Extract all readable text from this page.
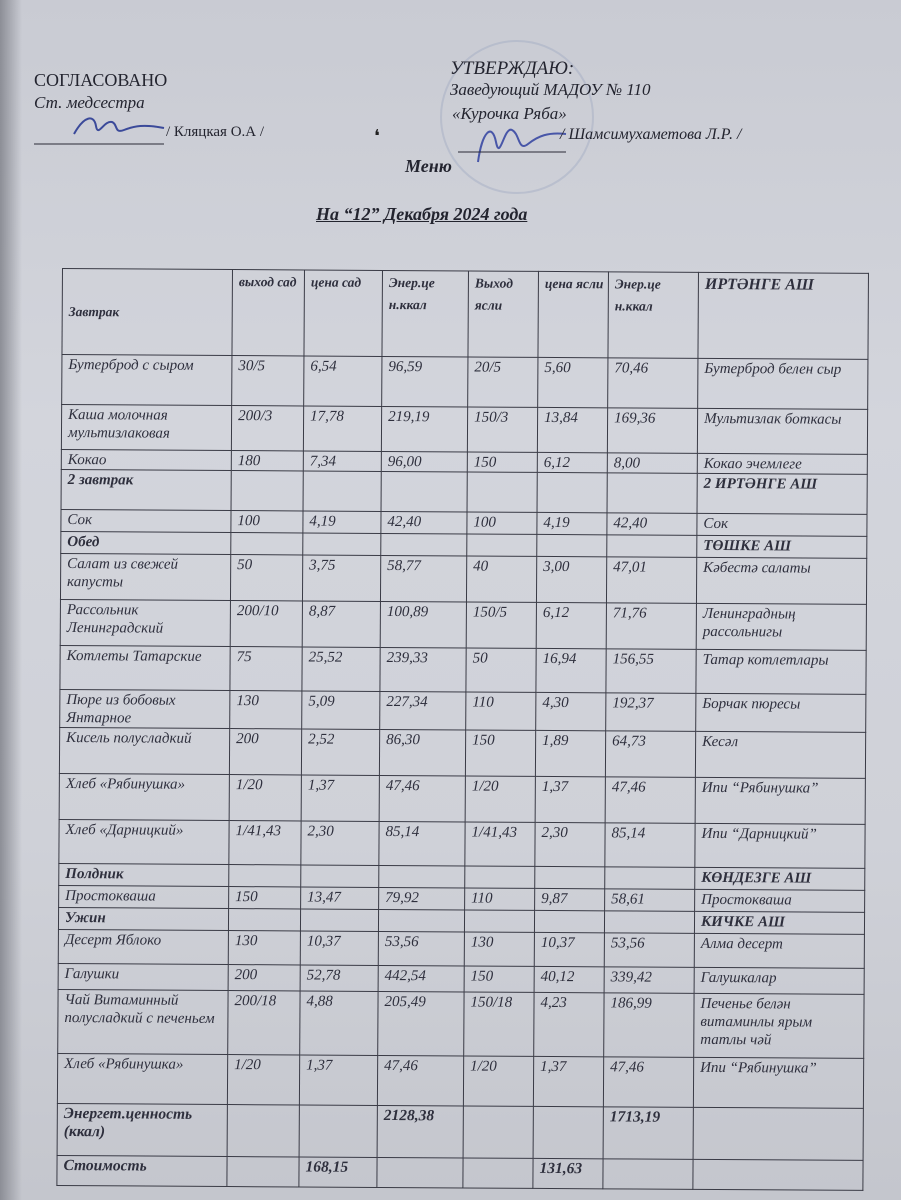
СОГЛАСОВАНО
Ст. медсестра
/ Кляцкая О.А /
УТВЕРЖДАЮ:
Заведующий МАДОУ № 110
«Курочка Ряба»
/ Шамсимухаметова Л.Р. /
❛
Меню
На “12” Декабря 2024 года
Завтрак	выход сад	цена сад	Энер.це н.ккал	Выход ясли	цена ясли	Энер.це н.ккал	ИРТӘНГЕ АШ
Бутерброд с сыром	30/5	6,54	96,59	20/5	5,60	70,46	Бутерброд белен сыр
Каша молочная мультизлаковая	200/3	17,78	219,19	150/3	13,84	169,36	Мультизлак боткасы
Кокао	180	7,34	96,00	150	6,12	8,00	Кокао эчемлеге
2 завтрак							2 ИРТӘНГЕ АШ
Сок	100	4,19	42,40	100	4,19	42,40	Сок
Обед							ТӨШКЕ АШ
Салат из свежей капусты	50	3,75	58,77	40	3,00	47,01	Кәбестә салаты
Рассольник Ленинградский	200/10	8,87	100,89	150/5	6,12	71,76	Ленинградның рассольнигы
Котлеты Татарские	75	25,52	239,33	50	16,94	156,55	Татар котлетлары
Пюре из бобовых Янтарное	130	5,09	227,34	110	4,30	192,37	Борчак пюресы
Кисель полусладкий	200	2,52	86,30	150	1,89	64,73	Кесәл
Хлеб «Рябинушка»	1/20	1,37	47,46	1/20	1,37	47,46	Ипи “Рябинушка”
Хлеб «Дарницкий»	1/41,43	2,30	85,14	1/41,43	2,30	85,14	Ипи “Дарницкий”
Полдник							КӨНДЕЗГЕ АШ
Простокваша	150	13,47	79,92	110	9,87	58,61	Простокваша
Ужин							КИЧКЕ АШ
Десерт Яблоко	130	10,37	53,56	130	10,37	53,56	Алма десерт
Галушки	200	52,78	442,54	150	40,12	339,42	Галушкалар
Чай Витаминный полусладкий с печеньем	200/18	4,88	205,49	150/18	4,23	186,99	Печенье белән витаминлы ярым татлы чәй
Хлеб «Рябинушка»	1/20	1,37	47,46	1/20	1,37	47,46	Ипи “Рябинушка”
Энергет.ценность (ккал)			2128,38			1713,19	
Стоимость		168,15			131,63		
